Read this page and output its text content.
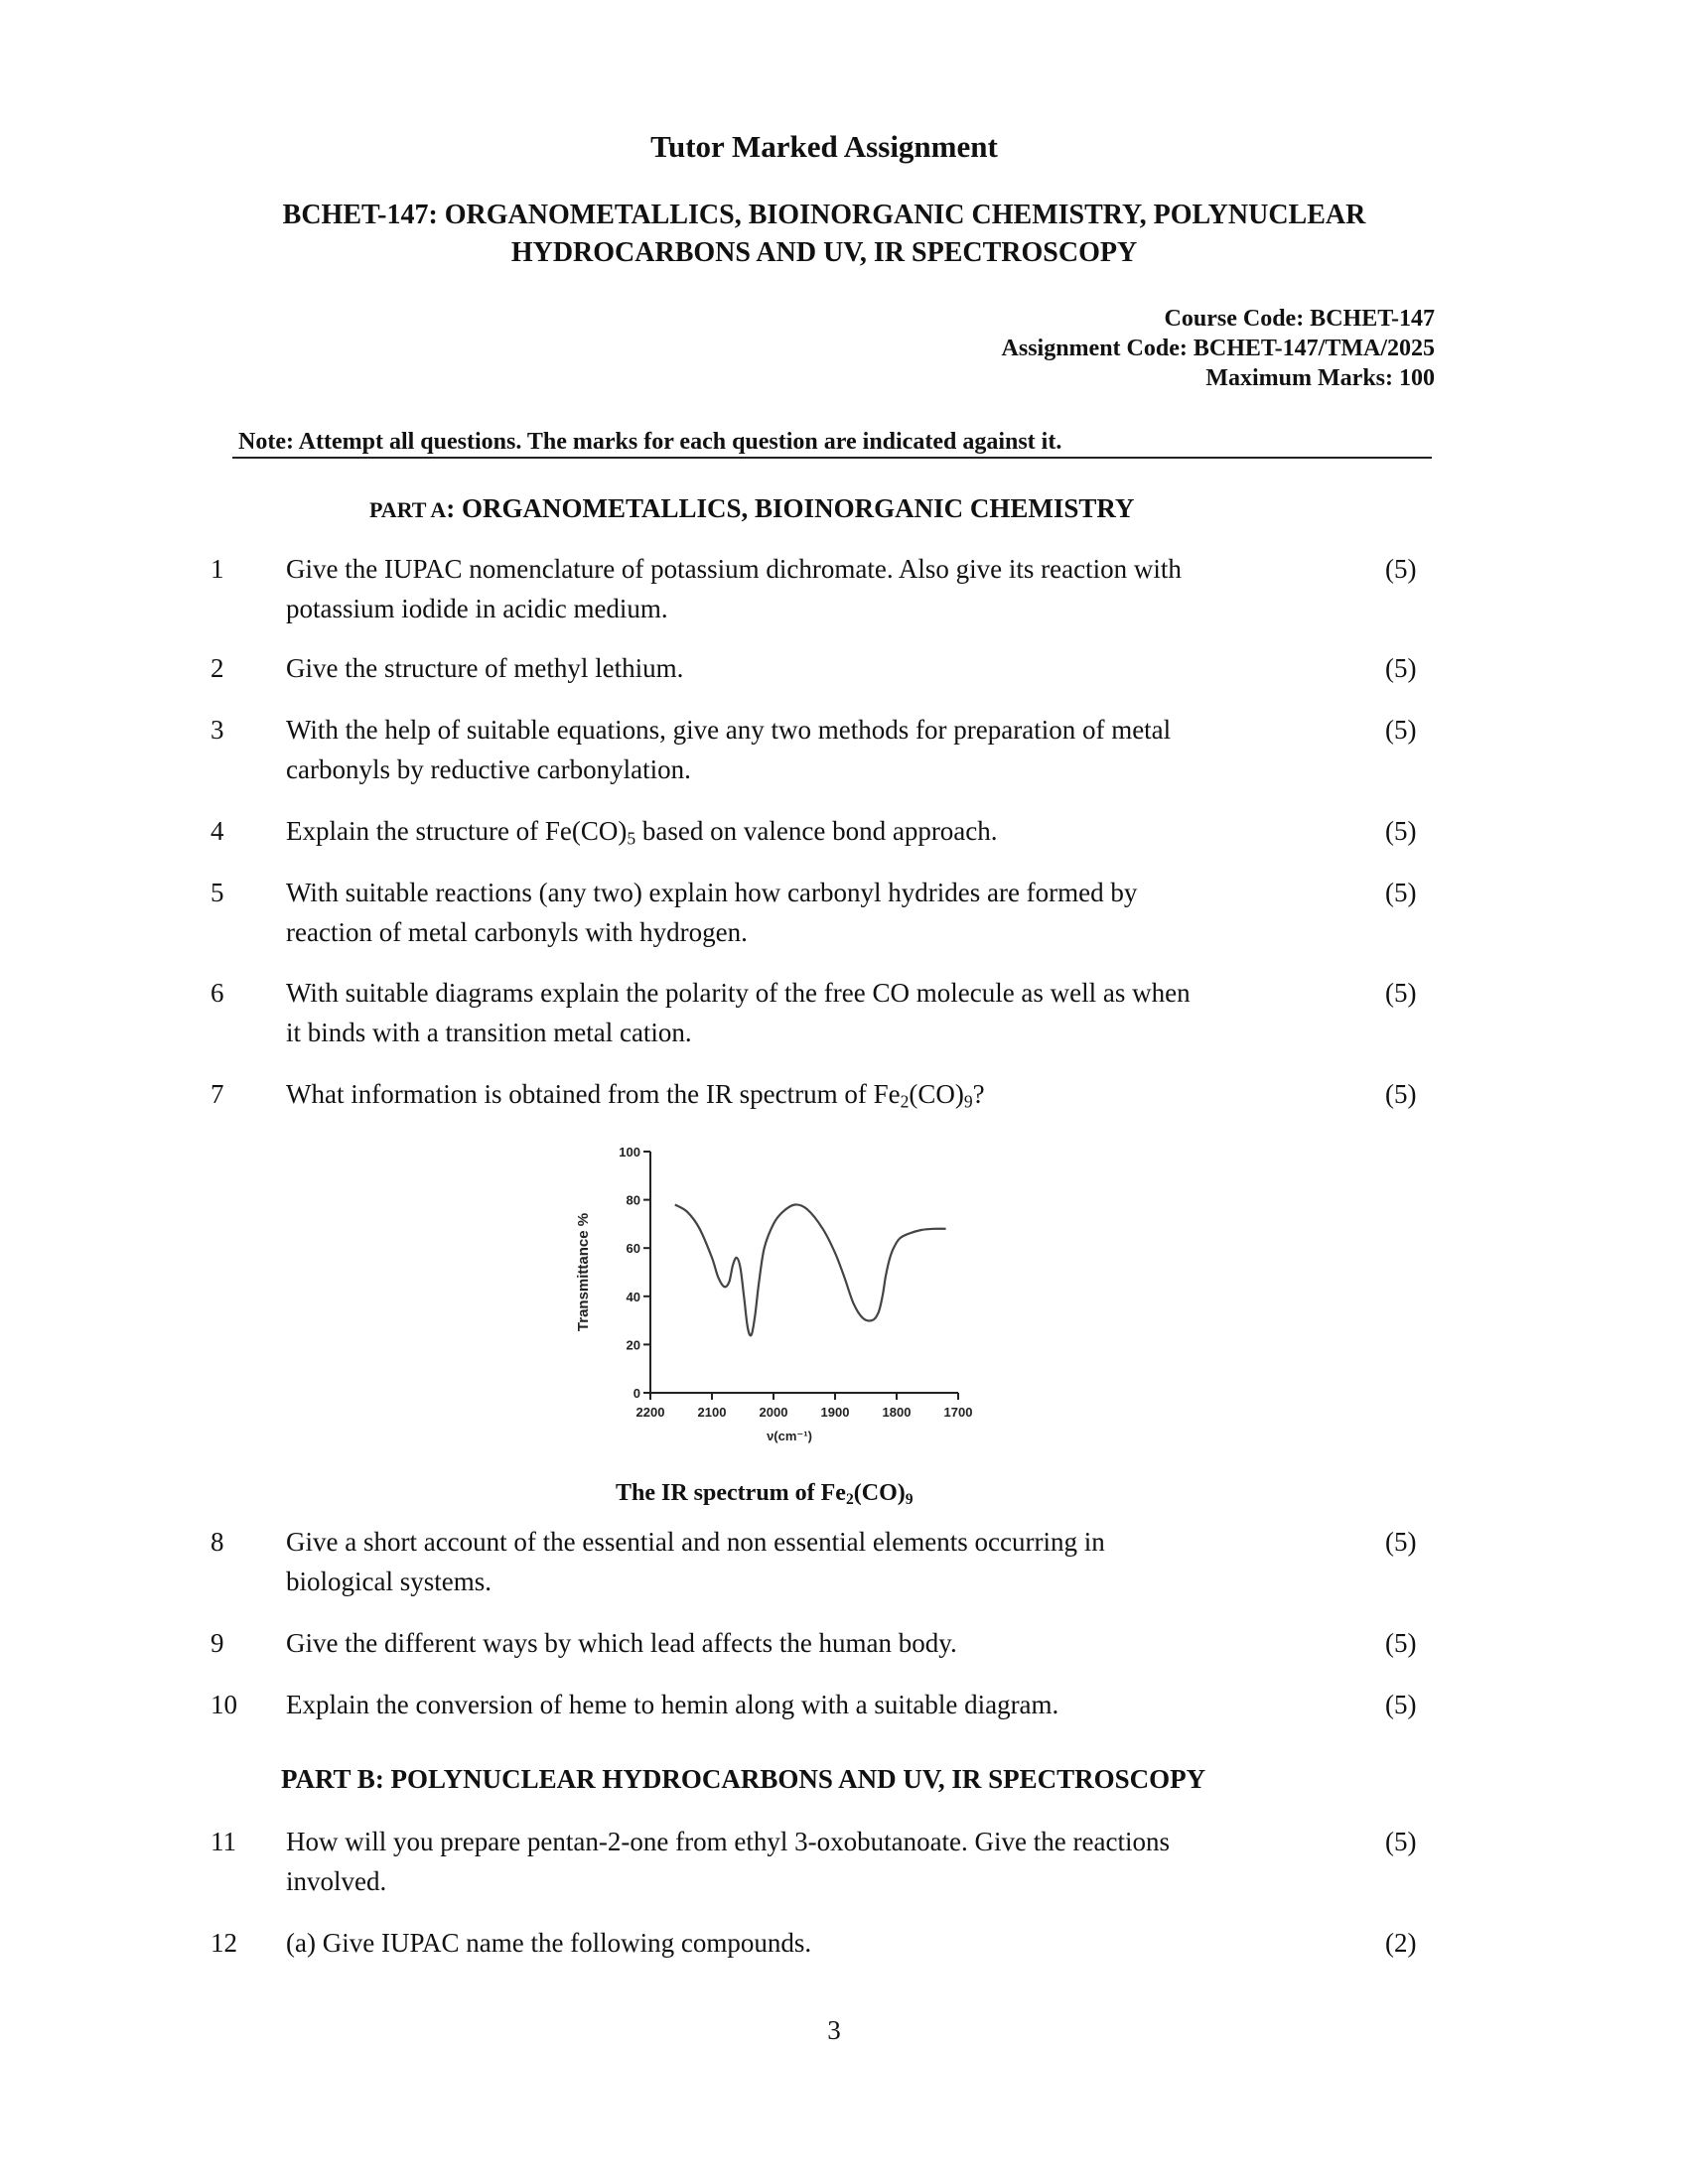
Tutor Marked Assignment
BCHET-147: ORGANOMETALLICS, BIOINORGANIC CHEMISTRY, POLYNUCLEAR
HYDROCARBONS AND UV, IR SPECTROSCOPY
Course Code: BCHET-147
Assignment Code: BCHET-147/TMA/2025
Maximum Marks: 100
Note: Attempt all questions. The marks for each question are indicated against it.
PART A: ORGANOMETALLICS, BIOINORGANIC CHEMISTRY
1	Give the IUPAC nomenclature of potassium dichromate. Also give its reaction with
potassium iodide in acidic medium.
(5)
2	Give the structure of methyl lethium.	(5)
3	With the help of suitable equations, give any two methods for preparation of metal
carbonyls by reductive carbonylation.
(5)
4	Explain the structure of $Fe(CO)_5$ based on valence bond approach.	(5)
5	With suitable reactions (any two) explain how carbonyl hydrides are formed by
reaction of metal carbonyls with hydrogen.
(5)
6	With suitable diagrams explain the polarity of the free CO molecule as well as when
it binds with a transition metal cation.
(5)
7	What information is obtained from the IR spectrum of $Fe_2(CO)_9$?	(5)
0
20
40
60
80
100
2200	2100	2000	1900	1800	1700
Transmittance %
ν(cm⁻¹)
The IR spectrum of $Fe_2(CO)_9$
8	Give a short account of the essential and non essential elements occurring in
biological systems.
(5)
9	Give the different ways by which lead affects the human body.	(5)
10	Explain the conversion of heme to hemin along with a suitable diagram.	(5)
PART B: POLYNUCLEAR HYDROCARBONS AND UV, IR SPECTROSCOPY
11	How will you prepare pentan-2-one from ethyl 3-oxobutanoate. Give the reactions
involved.
(5)
12	(a) Give IUPAC name the following compounds.	(2)
3
